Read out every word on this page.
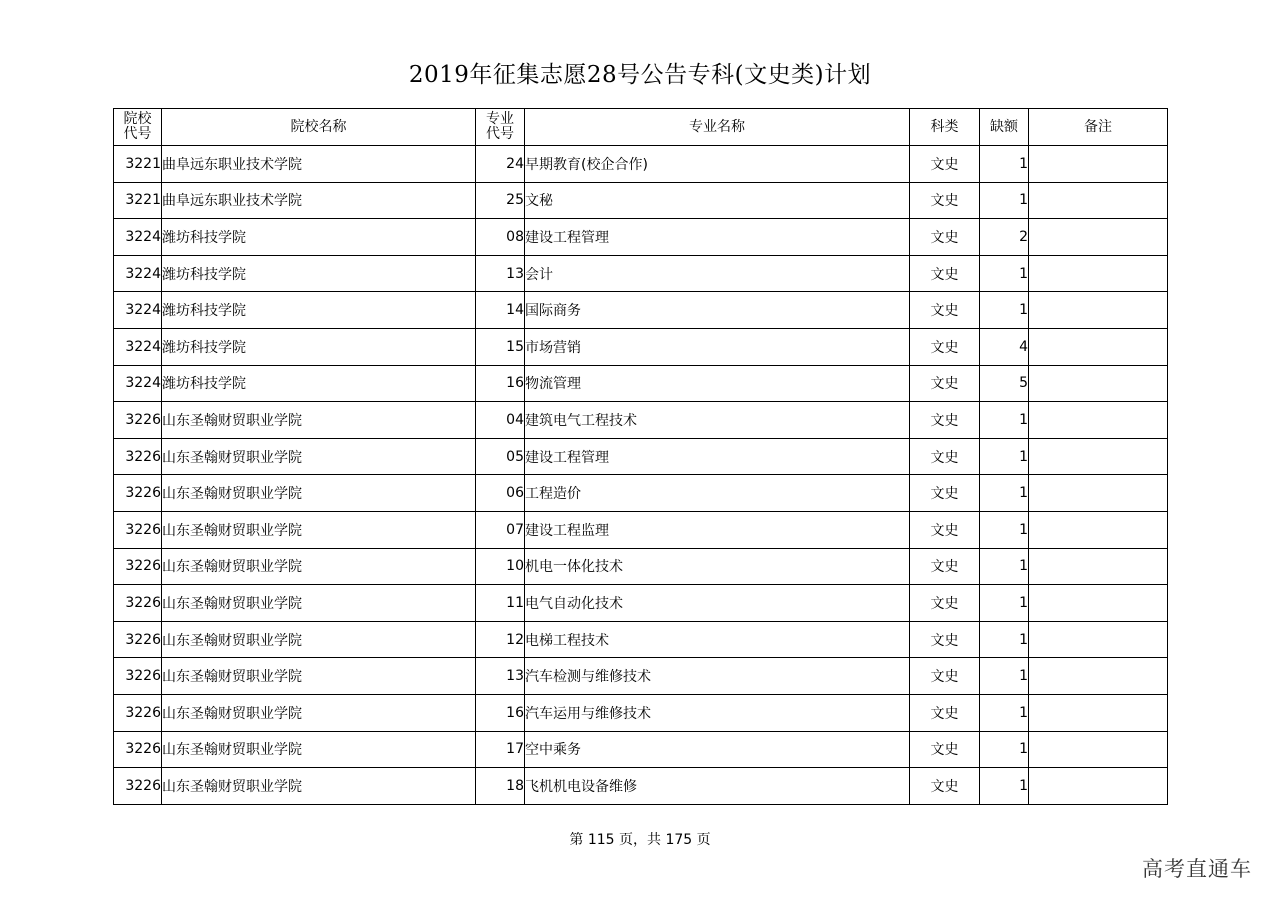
2019年征集志愿28号公告专科(文史类)计划
院校代号	院校名称	专业代号	专业名称	科类	缺额	备注
3221	曲阜远东职业技术学院	24	早期教育(校企合作)	文史	1	
3221	曲阜远东职业技术学院	25	文秘	文史	1	
3224	潍坊科技学院	08	建设工程管理	文史	2	
3224	潍坊科技学院	13	会计	文史	1	
3224	潍坊科技学院	14	国际商务	文史	1	
3224	潍坊科技学院	15	市场营销	文史	4	
3224	潍坊科技学院	16	物流管理	文史	5	
3226	山东圣翰财贸职业学院	04	建筑电气工程技术	文史	1	
3226	山东圣翰财贸职业学院	05	建设工程管理	文史	1	
3226	山东圣翰财贸职业学院	06	工程造价	文史	1	
3226	山东圣翰财贸职业学院	07	建设工程监理	文史	1	
3226	山东圣翰财贸职业学院	10	机电一体化技术	文史	1	
3226	山东圣翰财贸职业学院	11	电气自动化技术	文史	1	
3226	山东圣翰财贸职业学院	12	电梯工程技术	文史	1	
3226	山东圣翰财贸职业学院	13	汽车检测与维修技术	文史	1	
3226	山东圣翰财贸职业学院	16	汽车运用与维修技术	文史	1	
3226	山东圣翰财贸职业学院	17	空中乘务	文史	1	
3226	山东圣翰财贸职业学院	18	飞机机电设备维修	文史	1	
第 115 页，共 175 页
高考直通车
